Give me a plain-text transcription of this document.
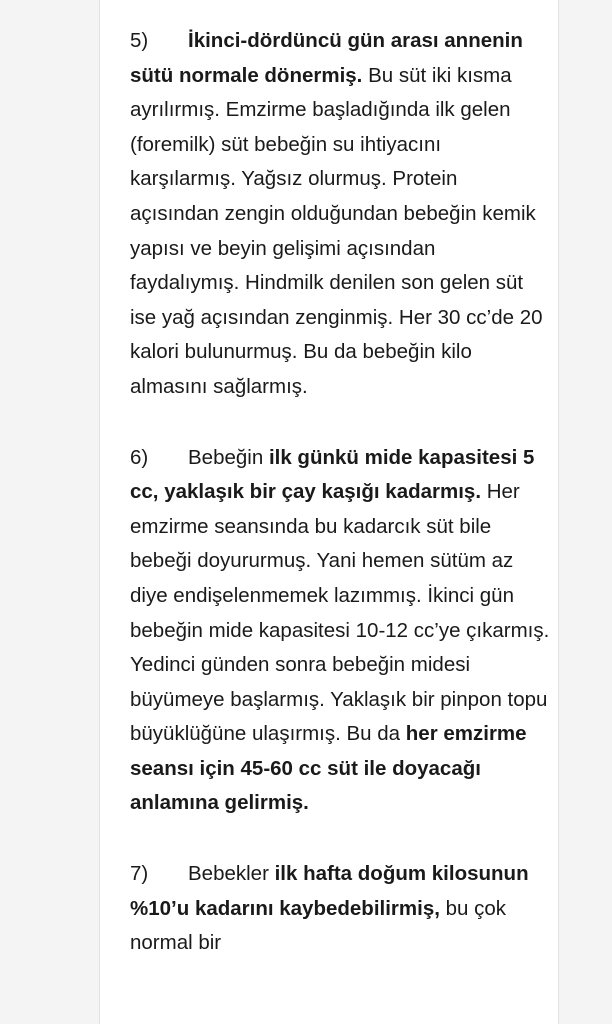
5) İkinci-dördüncü gün arası annenin sütü normale dönermiş. Bu süt iki kısma ayrılırmış. Emzirme başladığında ilk gelen (foremilk) süt bebeğin su ihtiyacını karşılarmış. Yağsız olurmuş. Protein açısından zengin olduğundan bebeğin kemik yapısı ve beyin gelişimi açısından faydalıymış. Hindmilk denilen son gelen süt ise yağ açısından zenginmiş. Her 30 cc’de 20 kalori bulunurmuş. Bu da bebeğin kilo almasını sağlarmış.

6) Bebeğin ilk günkü mide kapasitesi 5 cc, yaklaşık bir çay kaşığı kadarmış. Her emzirme seansında bu kadarcık süt bile bebeği doyururmuş. Yani hemen sütüm az diye endişelenmemek lazımmış. İkinci gün bebeğin mide kapasitesi 10-12 cc’ye çıkarmış. Yedinci günden sonra bebeğin midesi büyümeye başlarmış. Yaklaşık bir pinpon topu büyüklüğüne ulaşırmış. Bu da her emzirme seansı için 45-60 cc süt ile doyacağı anlamına gelirmiş.

7) Bebekler ilk hafta doğum kilosunun %10’u kadarını kaybedebilirmiş, bu çok normal bir
